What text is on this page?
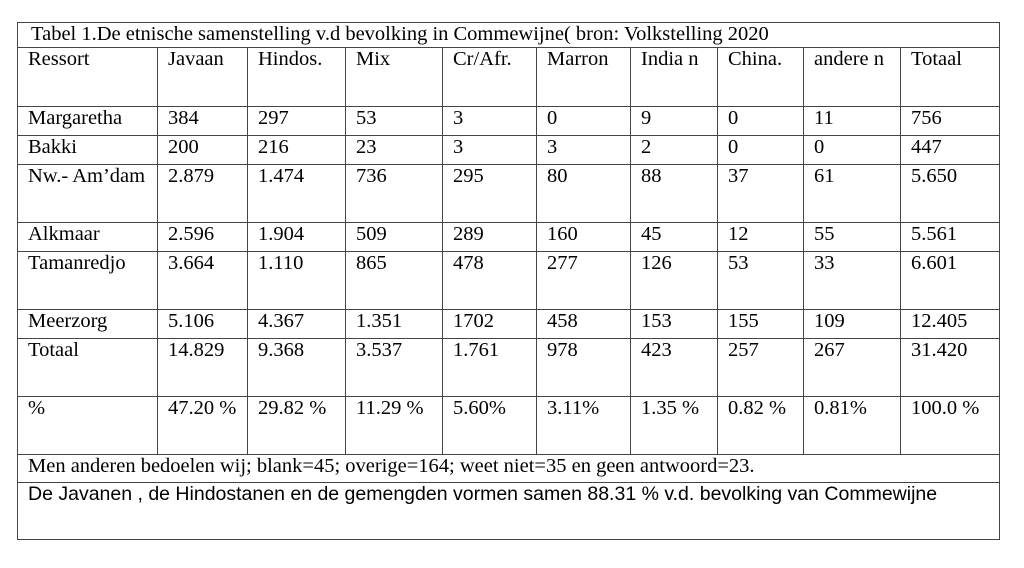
Tabel 1.De etnische samenstelling v.d bevolking in Commewijne( bron: Volkstelling 2020									
Ressort	Javaan	Hindos.	Mix	Cr/Afr.	Marron	India n	China.	andere n	Totaal
Margaretha	384	297	53	3	0	9	0	11	756
Bakki	200	216	23	3	3	2	0	0	447
Nw.- Am’dam	2.879	1.474	736	295	80	88	37	61	5.650
Alkmaar	2.596	1.904	509	289	160	45	12	55	5.561
Tamanredjo	3.664	1.110	865	478	277	126	53	33	6.601
Meerzorg	5.106	4.367	1.351	1702	458	153	155	109	12.405
Totaal	14.829	9.368	3.537	1.761	978	423	257	267	31.420
%	47.20 %	29.82 %	11.29 %	5.60%	3.11%	1.35 %	0.82 %	0.81%	100.0 %
Men anderen bedoelen wij; blank=45; overige=164; weet niet=35 en geen antwoord=23.									
De Javanen , de Hindostanen en de gemengden vormen samen 88.31 % v.d. bevolking van Commewijne									
